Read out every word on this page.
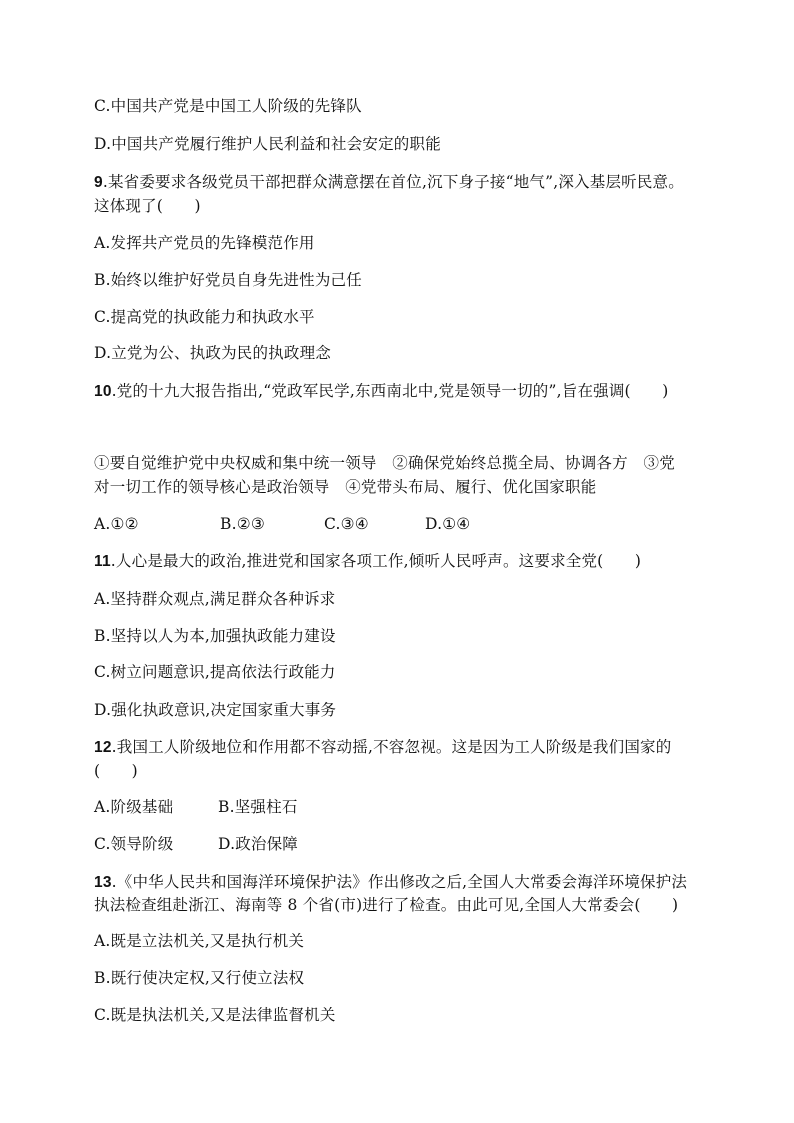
C.中国共产党是中国工人阶级的先锋队
D.中国共产党履行维护人民利益和社会安定的职能
9.某省委要求各级党员干部把群众满意摆在首位,沉下身子接“地气”,深入基层听民意。
这体现了(　　)
A.发挥共产党员的先锋模范作用
B.始终以维护好党员自身先进性为己任
C.提高党的执政能力和执政水平
D.立党为公、执政为民的执政理念
10.党的十九大报告指出,“党政军民学,东西南北中,党是领导一切的”,旨在强调(　　)
①要自觉维护党中央权威和集中统一领导　②确保党始终总揽全局、协调各方　③党
对一切工作的领导核心是政治领导　④党带头布局、履行、优化国家职能
A.①②	B.②③	C.③④	D.①④
11.人心是最大的政治,推进党和国家各项工作,倾听人民呼声。这要求全党(　　)
A.坚持群众观点,满足群众各种诉求
B.坚持以人为本,加强执政能力建设
C.树立问题意识,提高依法行政能力
D.强化执政意识,决定国家重大事务
12.我国工人阶级地位和作用都不容动摇,不容忽视。这是因为工人阶级是我们国家的
(　　)
A.阶级基础	B.坚强柱石
C.领导阶级	D.政治保障
13.《中华人民共和国海洋环境保护法》作出修改之后,全国人大常委会海洋环境保护法
执法检查组赴浙江、海南等 8 个省(市)进行了检查。由此可见,全国人大常委会(　　)
A.既是立法机关,又是执行机关
B.既行使决定权,又行使立法权
C.既是执法机关,又是法律监督机关
